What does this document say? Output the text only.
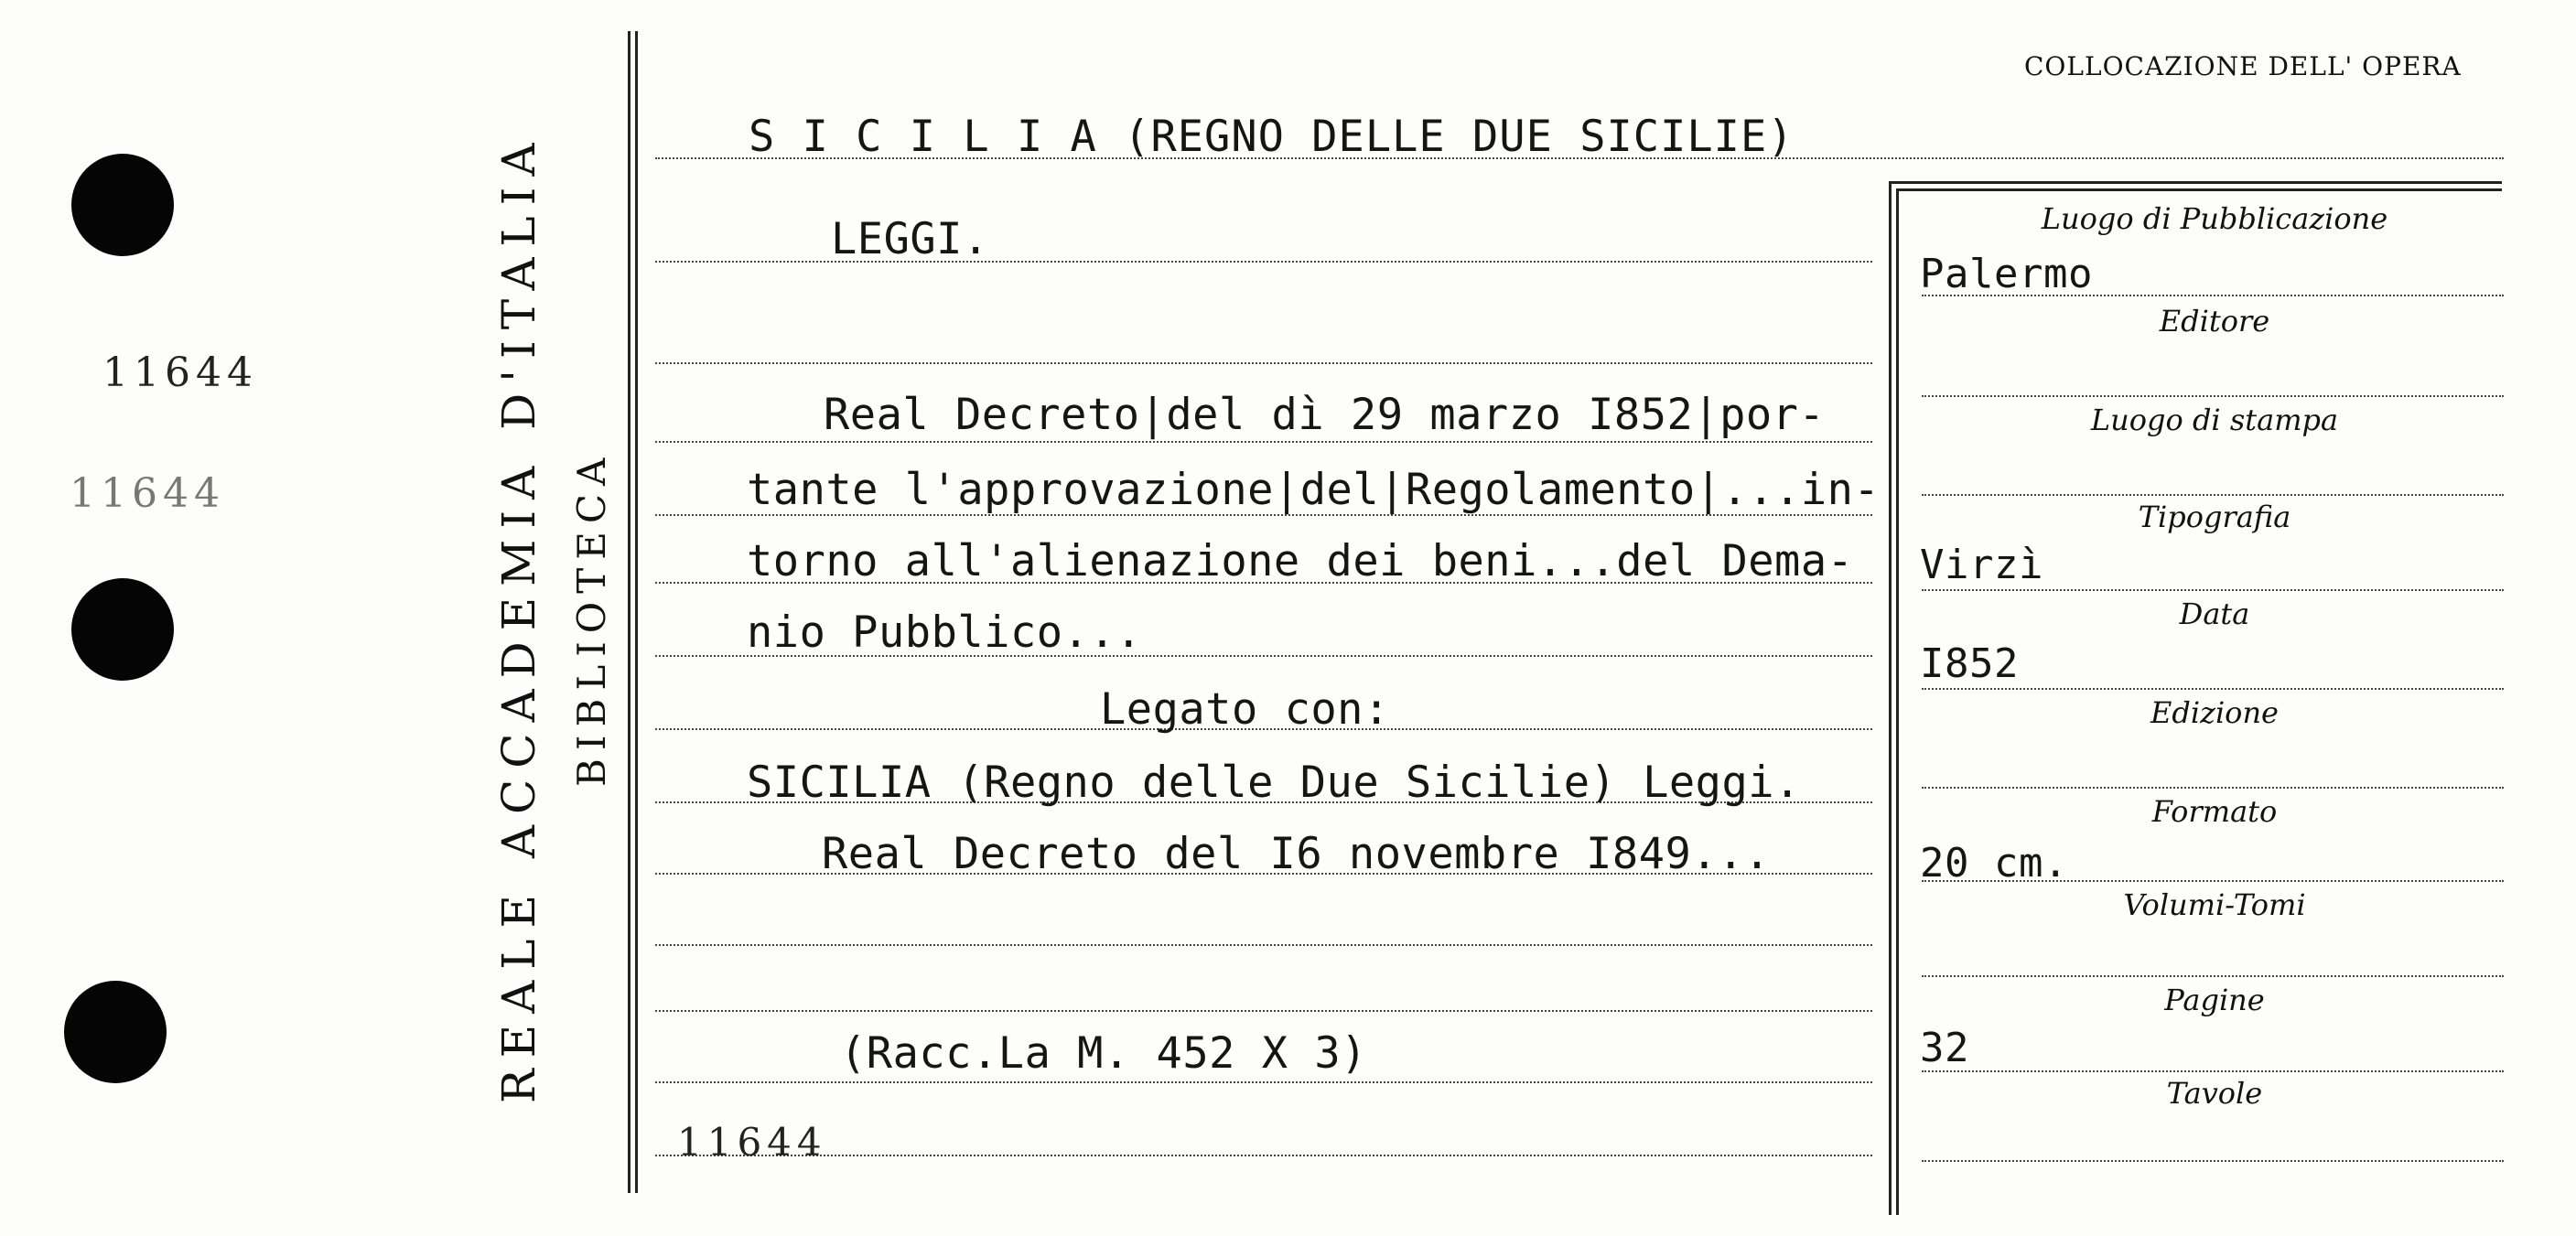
11644
11644	REALE ACCADEMIA D'ITALIA BIBLIOTECA
COLLOCAZIONE DELL' OPERA
S I C I L I A (REGNO DELLE DUE SICILIE)
LEGGI.
Real Decreto|del dì 29 marzo I852|por-
tante l'approvazione|del|Regolamento|...in-
torno all'alienazione dei beni...del Dema-
nio Pubblico...
Legato con:
SICILIA (Regno delle Due Sicilie) Leggi.
Real Decreto del I6 novembre I849...
(Racc.La M. 452 X 3)
11644
Luogo di Pubblicazione
Palermo
Editore
Luogo di stampa
Tipografia
Virzì
Data
I852
Edizione
Formato
20 cm.
Volumi-Tomi
Pagine
32
Tavole
